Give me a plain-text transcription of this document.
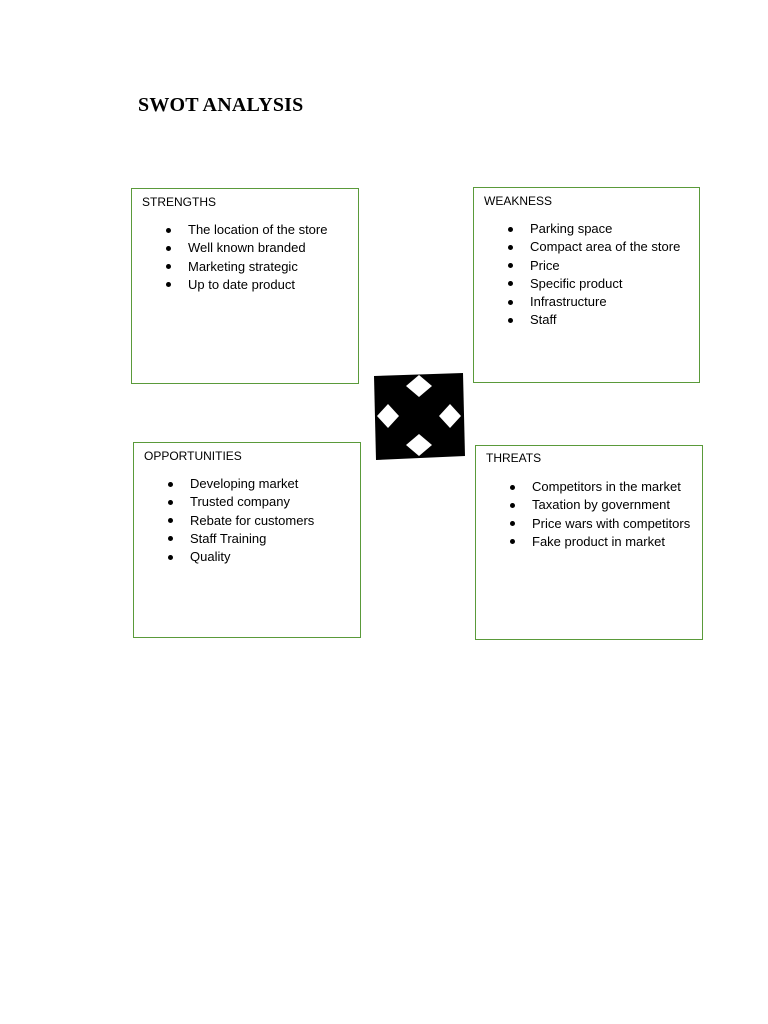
SWOT ANALYSIS
STRENGTHS
The location of the store
Well known branded
Marketing strategic
Up to date product
WEAKNESS
Parking space
Compact area of the store
Price
Specific product
Infrastructure
Staff
OPPORTUNITIES
Developing market
Trusted company
Rebate for customers
Staff Training
Quality
THREATS
Competitors in the market
Taxation by government
Price wars with competitors
Fake product in market
